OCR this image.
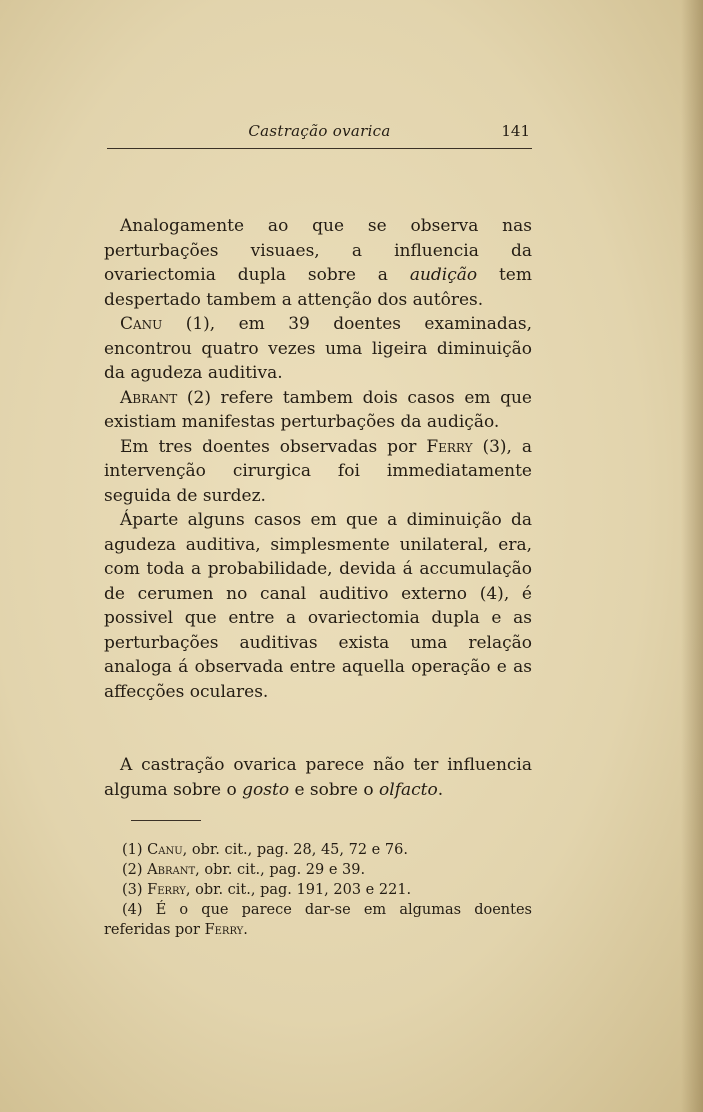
Castração ovarica	141

Analogamente ao que se observa nas perturbações visuaes, a influencia da ovariectomia dupla sobre a audição tem despertado tambem a attenção dos autôres.

Canu (1), em 39 doentes examinadas, encontrou quatro vezes uma ligeira diminuição da agudeza auditiva.

Abrant (2) refere tambem dois casos em que existiam manifestas perturbações da audição.

Em tres doentes observadas por Ferry (3), a intervenção cirurgica foi immediatamente seguida de surdez.

Áparte alguns casos em que a diminuição da agudeza auditiva, simplesmente unilateral, era, com toda a probabilidade, devida á accumulação de cerumen no canal auditivo externo (4), é possivel que entre a ovariectomia dupla e as perturbações auditivas exista uma relação analoga á observada entre aquella operação e as affecções oculares.

A castração ovarica parece não ter influencia alguma sobre o gosto e sobre o olfacto.

(1) Canu, obr. cit., pag. 28, 45, 72 e 76.

(2) Abrant, obr. cit., pag. 29 e 39.

(3) Ferry, obr. cit., pag. 191, 203 e 221.

(4) É o que parece dar-se em algumas doentes referidas por Ferry.
